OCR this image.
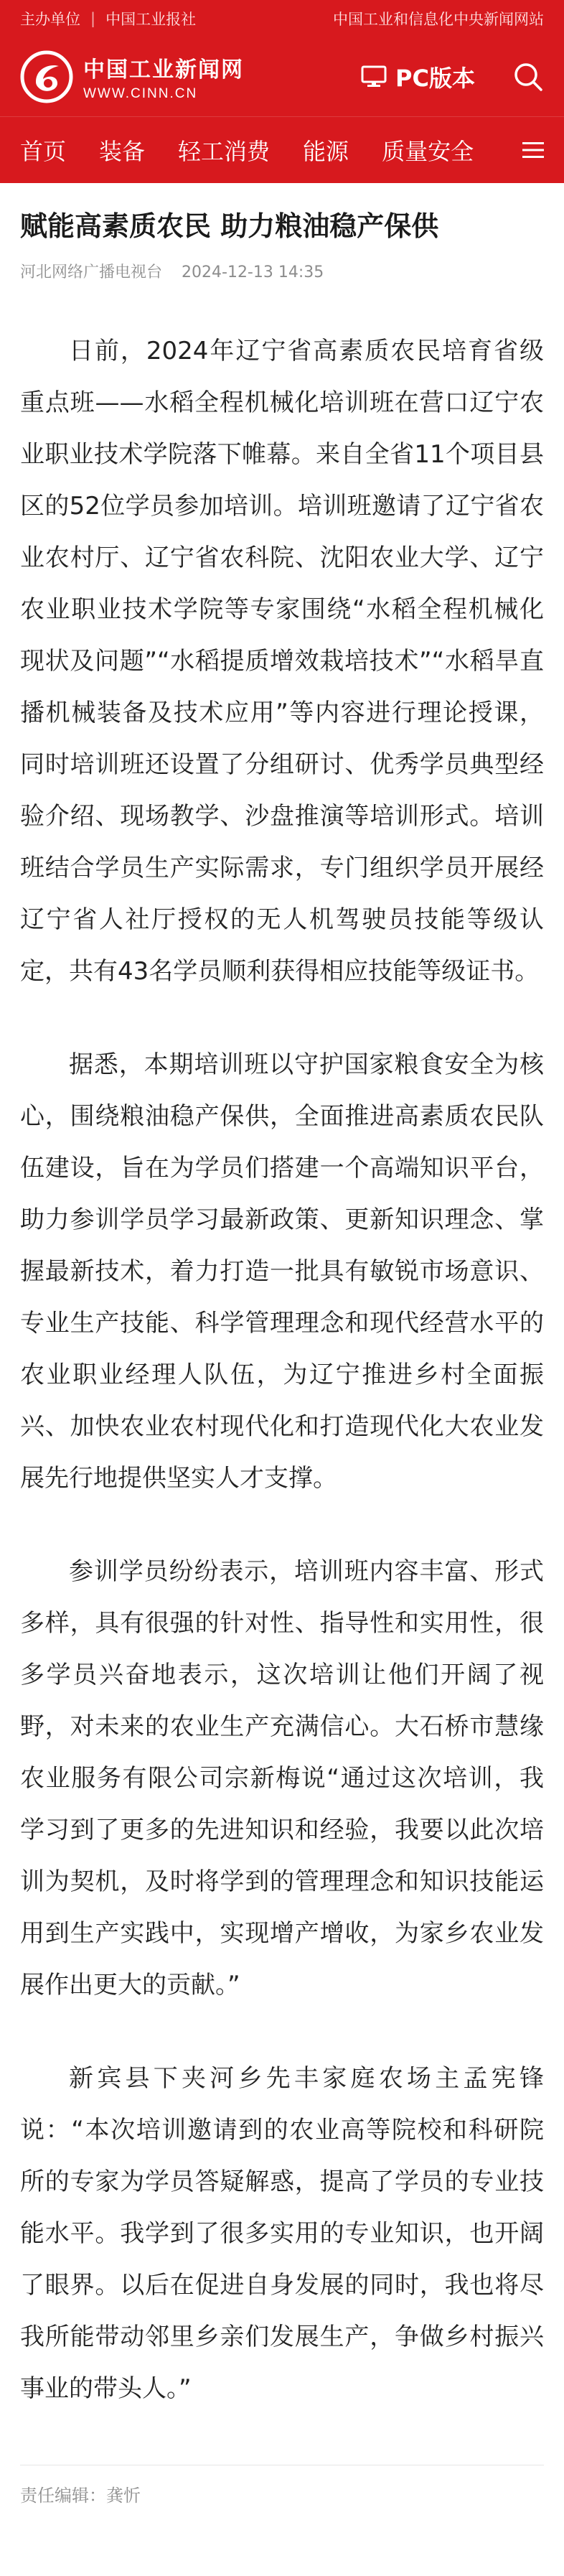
主办单位 | 中国工业报社	中国工业和信息化中央新闻网站
中国工业新闻网
WWW.CINN.CN
PC版本
首页 装备 轻工消费 能源 质量安全
赋能高素质农民 助力粮油稳产保供
河北网络广播电视台 2024-12-13 14:35

日前，2024年辽宁省高素质农民培育省级重点班——水稻全程机械化培训班在营口辽宁农业职业技术学院落下帷幕。来自全省11个项目县区的52位学员参加培训。培训班邀请了辽宁省农业农村厅、辽宁省农科院、沈阳农业大学、辽宁农业职业技术学院等专家围绕“水稻全程机械化现状及问题”“水稻提质增效栽培技术”“水稻旱直播机械装备及技术应用”等内容进行理论授课，同时培训班还设置了分组研讨、优秀学员典型经验介绍、现场教学、沙盘推演等培训形式。培训班结合学员生产实际需求，专门组织学员开展经辽宁省人社厅授权的无人机驾驶员技能等级认定，共有43名学员顺利获得相应技能等级证书。

据悉，本期培训班以守护国家粮食安全为核心，围绕粮油稳产保供，全面推进高素质农民队伍建设，旨在为学员们搭建一个高端知识平台，助力参训学员学习最新政策、更新知识理念、掌握最新技术，着力打造一批具有敏锐市场意识、专业生产技能、科学管理理念和现代经营水平的农业职业经理人队伍，为辽宁推进乡村全面振兴、加快农业农村现代化和打造现代化大农业发展先行地提供坚实人才支撑。

参训学员纷纷表示，培训班内容丰富、形式多样，具有很强的针对性、指导性和实用性，很多学员兴奋地表示，这次培训让他们开阔了视野，对未来的农业生产充满信心。大石桥市慧缘农业服务有限公司宗新梅说“通过这次培训，我学习到了更多的先进知识和经验，我要以此次培训为契机，及时将学到的管理理念和知识技能运用到生产实践中，实现增产增收，为家乡农业发展作出更大的贡献。”

新宾县下夹河乡先丰家庭农场主孟宪锋说：“本次培训邀请到的农业高等院校和科研院所的专家为学员答疑解惑，提高了学员的专业技能水平。我学到了很多实用的专业知识，也开阔了眼界。以后在促进自身发展的同时，我也将尽我所能带动邻里乡亲们发展生产，争做乡村振兴事业的带头人。”

责任编辑：龚忻
